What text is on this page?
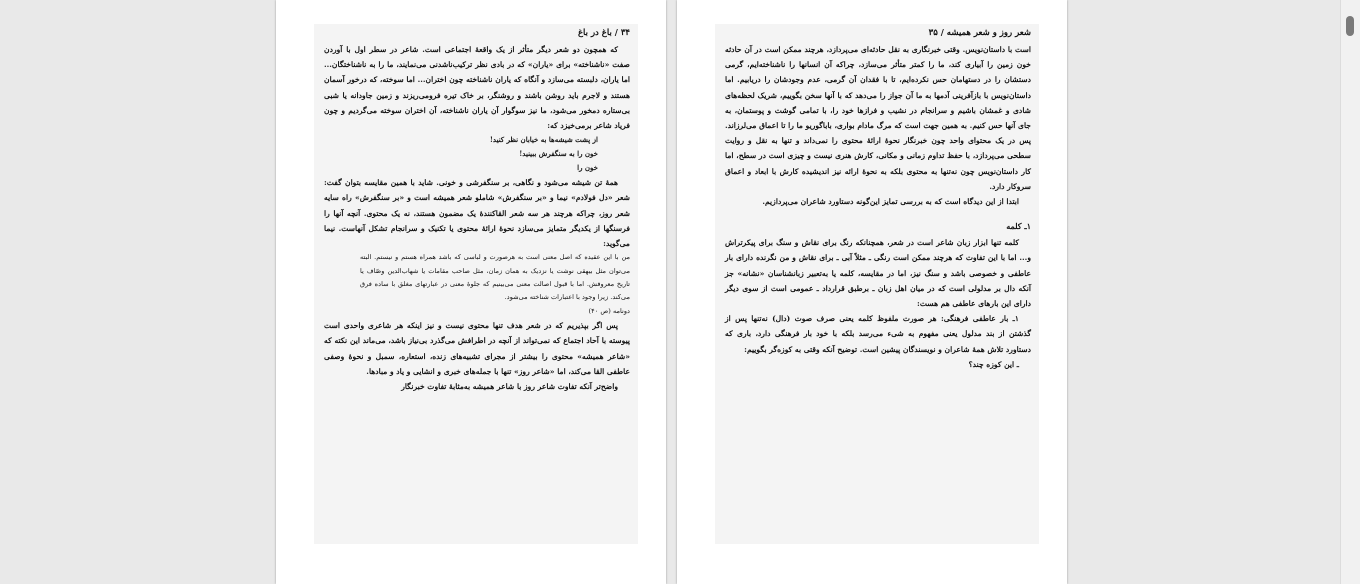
۳۴ / باغ در باغ
که همچون دو شعر دیگر متأثر از یک واقعهٔ اجتماعی است. شاعر در سطر اول با آوردن صفت «ناشناخته» برای «یاران» که در بادی نظر ترکیب‌ناشدنی می‌نمایند، ما را به ناشناختگان... اما یاران، دلبسته می‌سازد و آنگاه که یاران ناشناخته چون اختران... اما سوخته، که درخور آسمان هستند و لاجرم باید روشن باشند و روشنگر، بر خاک تیره فرومی‌ریزند و زمین جاودانه یا شبی بی‌ستاره دمخور می‌شود، ما نیز سوگوار آن یاران ناشناخته، آن اختران سوخته می‌گردیم و چون فریاد شاعر برمی‌خیزد که:
از پشت شیشه‌ها به خیابان نظر کنید!
خون را به سنگفرش ببینید!
خون را
همهٔ تن شیشه می‌شود و نگاهی، بر سنگفرشی و خونی. شاید با همین مقایسه بتوان گفت: شعر «دل فولادم» نیما و «بر سنگفرش» شاملو شعر همیشه است و «بر سنگفرش» راه سایه شعر روز، چراکه هرچند هر سه شعر القاکنندهٔ یک مضمون هستند، نه یک محتوی. آنچه آنها را فرسنگها از یکدیگر متمایز می‌سازد نحوهٔ ارائهٔ محتوی یا تکنیک و سرانجام تشکل آنهاست. نیما می‌گوید:
من با این عقیده که اصل معنی است به هرصورت و لباسی که باشد همراه هستم و نیستم. البته می‌توان مثل بیهقی نوشت یا نزدیک به همان زمان، مثل صاحب مقامات یا شهاب‌الدین وصّاف یا تاریخ معروفش. اما با قبول اصالت معنی می‌بینیم که جلوهٔ معنی در عبارتهای مغلق با ساده فرق می‌کند. زیرا وجود با اعتبارات شناخته می‌شود.
دونامه (ص ۴۰)
پس اگر بپذیریم که در شعر هدف تنها محتوی نیست و نیز اینکه هر شاعری واحدی است پیوسته با آحاد اجتماع که نمی‌تواند از آنچه در اطرافش می‌گذرد بی‌نیاز باشد، می‌ماند این نکته که «شاعر همیشه» محتوی را بیشتر از مجرای تشبیه‌های زنده، استعاره، سمبل و نحوهٔ وصفی عاطفی القا می‌کند، اما «شاعر روز» تنها با جمله‌های خبری و انشایی و یاد و مبادها.
واضح‌تر آنکه تفاوت شاعر روز با شاعر همیشه به‌مثابهٔ تفاوت خبرنگار
شعر روز و شعر همیشه / ۳۵
است با داستان‌نویس. وقتی خبرنگاری به نقل حادثه‌ای می‌پردازد، هرچند ممکن است در آن حادثه خون زمین را آبیاری کند، ما را کمتر متأثر می‌سازد، چراکه آن انسانها را ناشناخته‌ایم، گرمی دستشان را در دستهامان حس نکرده‌ایم، تا با فقدان آن گرمی، عدم وجودشان را دریابیم. اما داستان‌نویس با بازآفرینی آدمها به ما آن جواز را می‌دهد که با آنها سخن بگوییم، شریک لحظه‌های شادی و غمشان باشیم و سرانجام در نشیب و فرازها خود را، با تمامی گوشت و پوستمان، به جای آنها حس کنیم. به همین جهت است که مرگ مادام بواری، باباگوریو ما را تا اعماق می‌لرزاند. پس در یک محتوای واحد چون خبرنگار نحوهٔ ارائهٔ محتوی را نمی‌داند و تنها به نقل و روایت سطحی می‌پردازد، با حفظ تداوم زمانی و مکانی، کارش هنری نیست و چیزی است در سطح، اما کار داستان‌نویس چون نه‌تنها به محتوی بلکه به نحوهٔ ارائه نیز اندیشیده کارش با ابعاد و اعماق سروکار دارد.
ابتدا از این دیدگاه است که به بررسی تمایز این‌گونه دستاورد شاعران می‌پردازیم.
۱ـ کلمه
کلمه تنها ابزار زبان شاعر است در شعر، همچنانکه رنگ برای نقاش و سنگ برای پیکرتراش و... اما با این تفاوت که هرچند ممکن است رنگی ـ مثلاً آبی ـ برای نقاش و من نگرنده دارای بار عاطفی و خصوصی باشد و سنگ نیز، اما در مقایسه، کلمه یا به‌تعبیر زبانشناسان «نشانه» جز آنکه دال بر مدلولی است که در میان اهل زبان ـ برطبق قرارداد ـ عمومی است از سوی دیگر دارای این بارهای عاطفی هم هست:
۱ـ بار عاطفی فرهنگی: هر صورت ملفوظ کلمه یعنی صرف صوت (دال) نه‌تنها پس از گذشتن از بند مدلول یعنی مفهوم به شیء می‌رسد بلکه با خود بار فرهنگی دارد، باری که دستاورد تلاش همهٔ شاعران و نویسندگان پیشین است. توضیح آنکه وقتی به کوزه‌گر بگوییم:
ـ این کوزه چند؟
